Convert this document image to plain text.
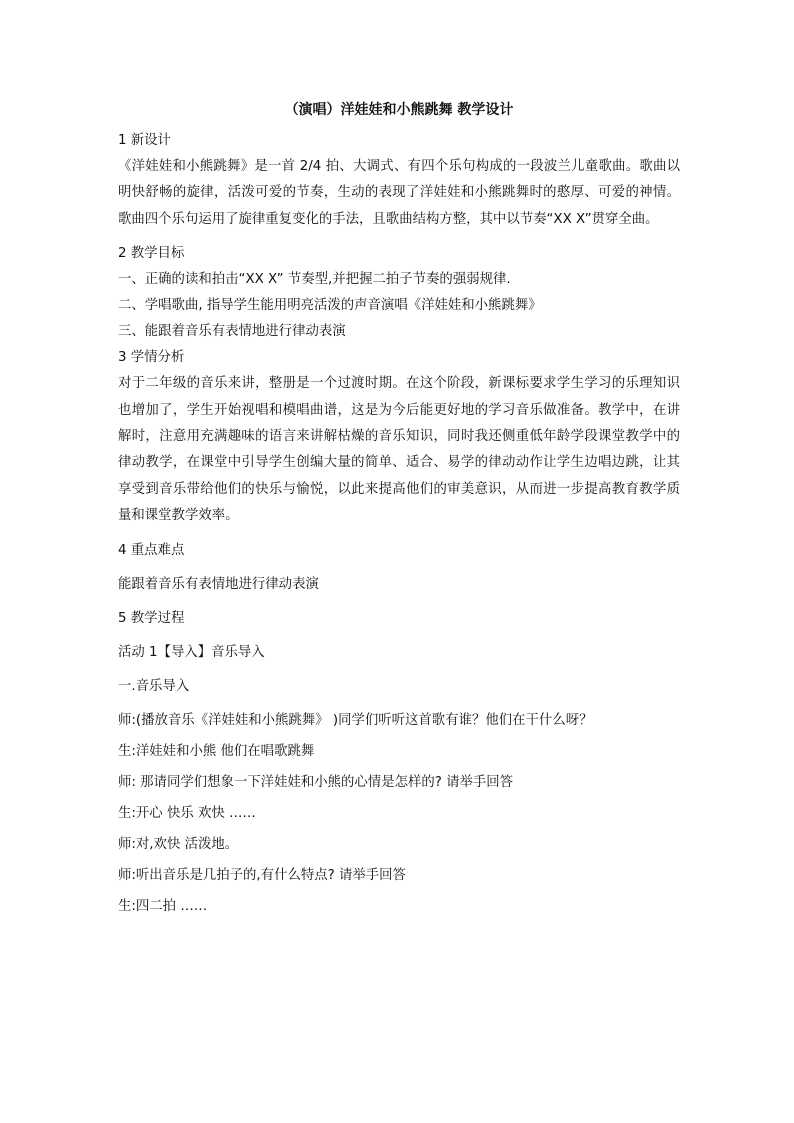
（演唱）洋娃娃和小熊跳舞 教学设计

1 新设计

《洋娃娃和小熊跳舞》是一首 2/4 拍、大调式、有四个乐句构成的一段波兰儿童歌曲。歌曲以明快舒畅的旋律，活泼可爱的节奏，生动的表现了洋娃娃和小熊跳舞时的憨厚、可爱的神情。歌曲四个乐句运用了旋律重复变化的手法，且歌曲结构方整，其中以节奏“XX X”贯穿全曲。

2 教学目标

一、正确的读和拍击“XX X” 节奏型,并把握二拍子节奏的强弱规律.

二、学唱歌曲, 指导学生能用明亮活泼的声音演唱《洋娃娃和小熊跳舞》

三、能跟着音乐有表情地进行律动表演

3 学情分析

对于二年级的音乐来讲，整册是一个过渡时期。在这个阶段，新课标要求学生学习的乐理知识也增加了，学生开始视唱和模唱曲谱，这是为今后能更好地的学习音乐做准备。教学中，在讲解时，注意用充满趣味的语言来讲解枯燥的音乐知识，同时我还侧重低年龄学段课堂教学中的律动教学，在课堂中引导学生创编大量的简单、适合、易学的律动动作让学生边唱边跳，让其享受到音乐带给他们的快乐与愉悦，以此来提高他们的审美意识，从而进一步提高教育教学质量和课堂教学效率。

4 重点难点

能跟着音乐有表情地进行律动表演

5 教学过程

活动 1【导入】音乐导入

一.音乐导入

师:(播放音乐《洋娃娃和小熊跳舞》 )同学们听听这首歌有谁？他们在干什么呀？

生:洋娃娃和小熊 他们在唱歌跳舞

师: 那请同学们想象一下洋娃娃和小熊的心情是怎样的? 请举手回答

生:开心 快乐 欢快 ……

师:对,欢快 活泼地。

师:听出音乐是几拍子的,有什么特点? 请举手回答

生:四二拍 ……
